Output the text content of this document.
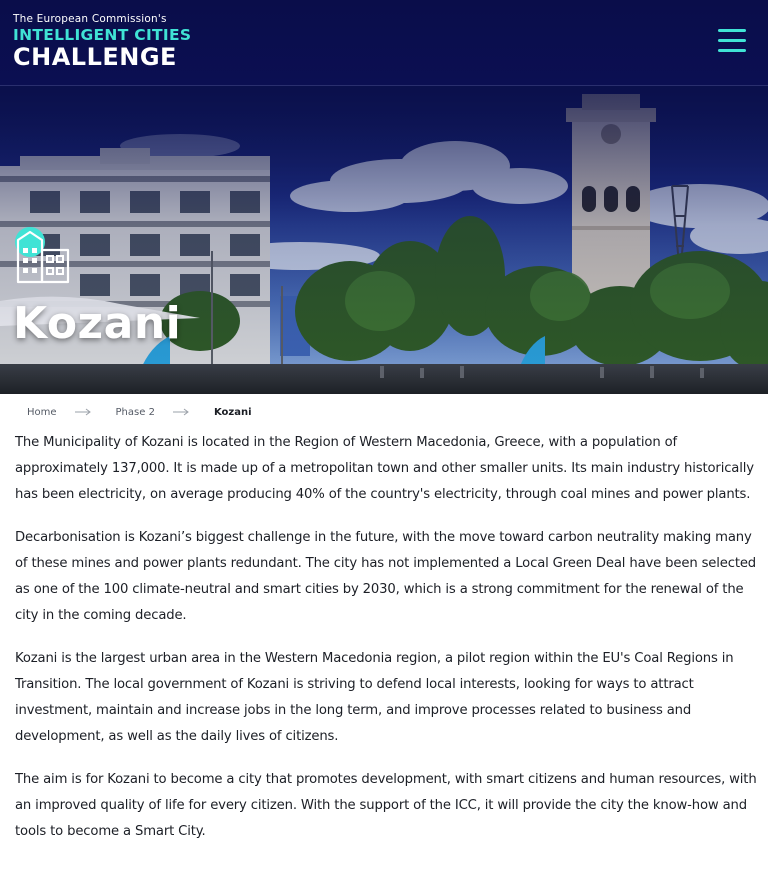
The European Commission's
INTELLIGENT CITIES
CHALLENGE
Kozani
Home	Phase 2	Kozani

The Municipality of Kozani is located in the Region of Western Macedonia, Greece, with a population of approximately 137,000. It is made up of a metropolitan town and other smaller units. Its main industry historically has been electricity, on average producing 40% of the country's electricity, through coal mines and power plants.

Decarbonisation is Kozani’s biggest challenge in the future, with the move toward carbon neutrality making many of these mines and power plants redundant. The city has not implemented a Local Green Deal have been selected as one of the 100 climate-neutral and smart cities by 2030, which is a strong commitment for the renewal of the city in the coming decade.

Kozani is the largest urban area in the Western Macedonia region, a pilot region within the EU's Coal Regions in Transition. The local government of Kozani is striving to defend local interests, looking for ways to attract investment, maintain and increase jobs in the long term, and improve processes related to business and development, as well as the daily lives of citizens.

The aim is for Kozani to become a city that promotes development, with smart citizens and human resources, with an improved quality of life for every citizen. With the support of the ICC, it will provide the city the know-how and tools to become a Smart City.
